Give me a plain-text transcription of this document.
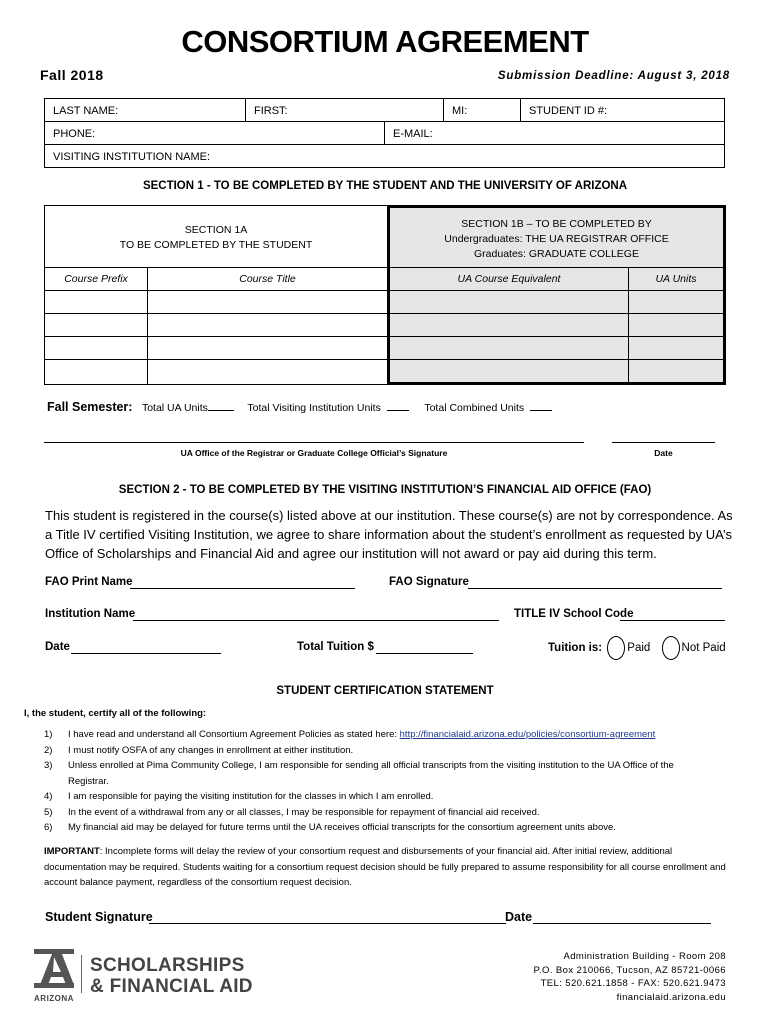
CONSORTIUM AGREEMENT
Fall 2018	Submission Deadline: August 3, 2018
LAST NAME:	FIRST:	MI:	STUDENT ID #:
PHONE:	E-MAIL:
VISITING INSTITUTION NAME:
SECTION 1 - TO BE COMPLETED BY THE STUDENT AND THE UNIVERSITY OF ARIZONA
SECTION 1A
TO BE COMPLETED BY THE STUDENT
SECTION 1B – TO BE COMPLETED BY
Undergraduates: THE UA REGISTRAR OFFICE
Graduates: GRADUATE COLLEGE
Course Prefix	Course Title	UA Course Equivalent	UA Units
Fall Semester: Total UA Units	Total Visiting Institution Units	Total Combined Units
UA Office of the Registrar or Graduate College Official’s Signature	Date
SECTION 2 - TO BE COMPLETED BY THE VISITING INSTITUTION’S FINANCIAL AID OFFICE (FAO)
This student is registered in the course(s) listed above at our institution. These course(s) are not by correspondence. As a Title IV certified Visiting Institution, we agree to share information about the student’s enrollment as requested by UA’s Office of Scholarships and Financial Aid and agree our institution will not award or pay aid during this term.
FAO Print Name	FAO Signature
Institution Name	TITLE IV School Code
Date	Total Tuition $	Tuition is: Paid	Not Paid
STUDENT CERTIFICATION STATEMENT
I, the student, certify all of the following:
1)	I have read and understand all Consortium Agreement Policies as stated here: http://financialaid.arizona.edu/policies/consortium-agreement
2)	I must notify OSFA of any changes in enrollment at either institution.
3)	Unless enrolled at Pima Community College, I am responsible for sending all official transcripts from the visiting institution to the UA Office of the Registrar.
4)	I am responsible for paying the visiting institution for the classes in which I am enrolled.
5)	In the event of a withdrawal from any or all classes, I may be responsible for repayment of financial aid received.
6)	My financial aid may be delayed for future terms until the UA receives official transcripts for the consortium agreement units above.
IMPORTANT: Incomplete forms will delay the review of your consortium request and disbursements of your financial aid. After initial review, additional documentation may be required. Students waiting for a consortium request decision should be fully prepared to assume responsibility for all course enrollment and account balance payment, regardless of the consortium request decision.
Student Signature	Date
ARIZONA
SCHOLARSHIPS
& FINANCIAL AID
Administration Building - Room 208
P.O. Box 210066, Tucson, AZ 85721-0066
TEL: 520.621.1858 - FAX: 520.621.9473
financialaid.arizona.edu
